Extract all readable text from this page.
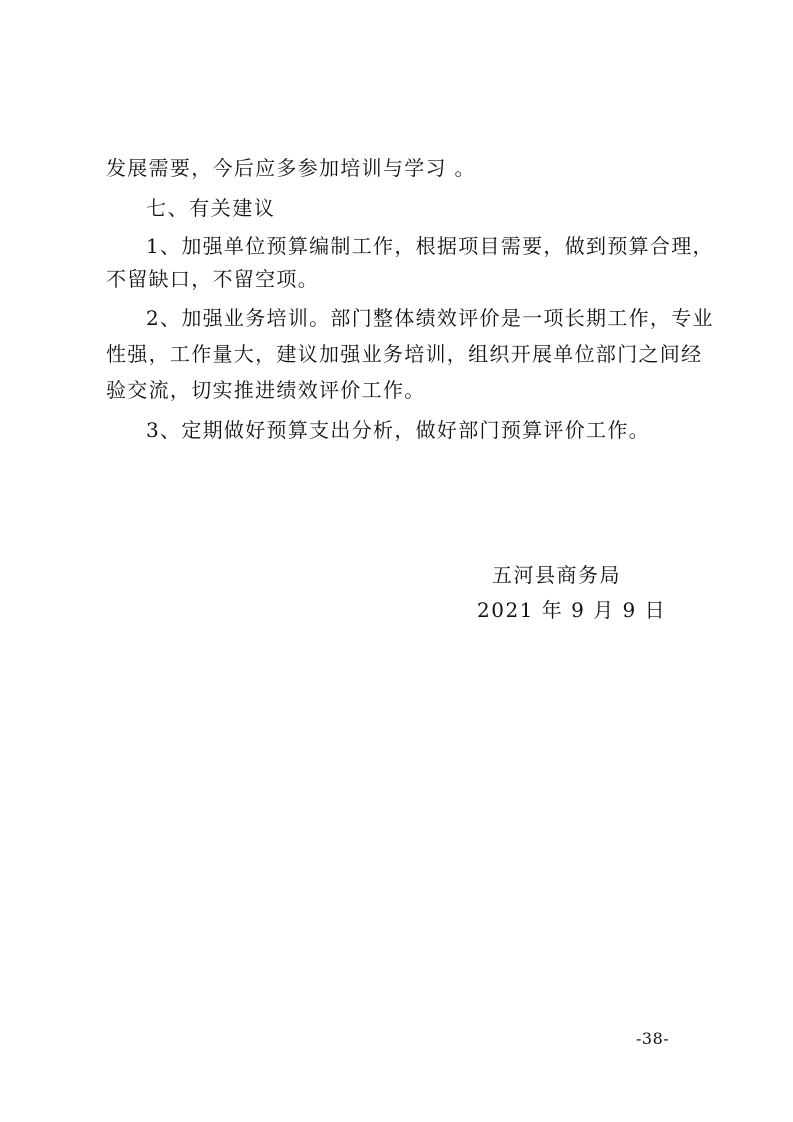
发展需要，今后应多参加培训与学习 。
七、有关建议
1、加强单位预算编制工作，根据项目需要，做到预算合理，
不留缺口，不留空项。
2、加强业务培训。部门整体绩效评价是一项长期工作，专业
性强，工作量大，建议加强业务培训，组织开展单位部门之间经
验交流，切实推进绩效评价工作。
3、定期做好预算支出分析，做好部门预算评价工作。
五河县商务局
2021 年 9 月 9 日
-38-
